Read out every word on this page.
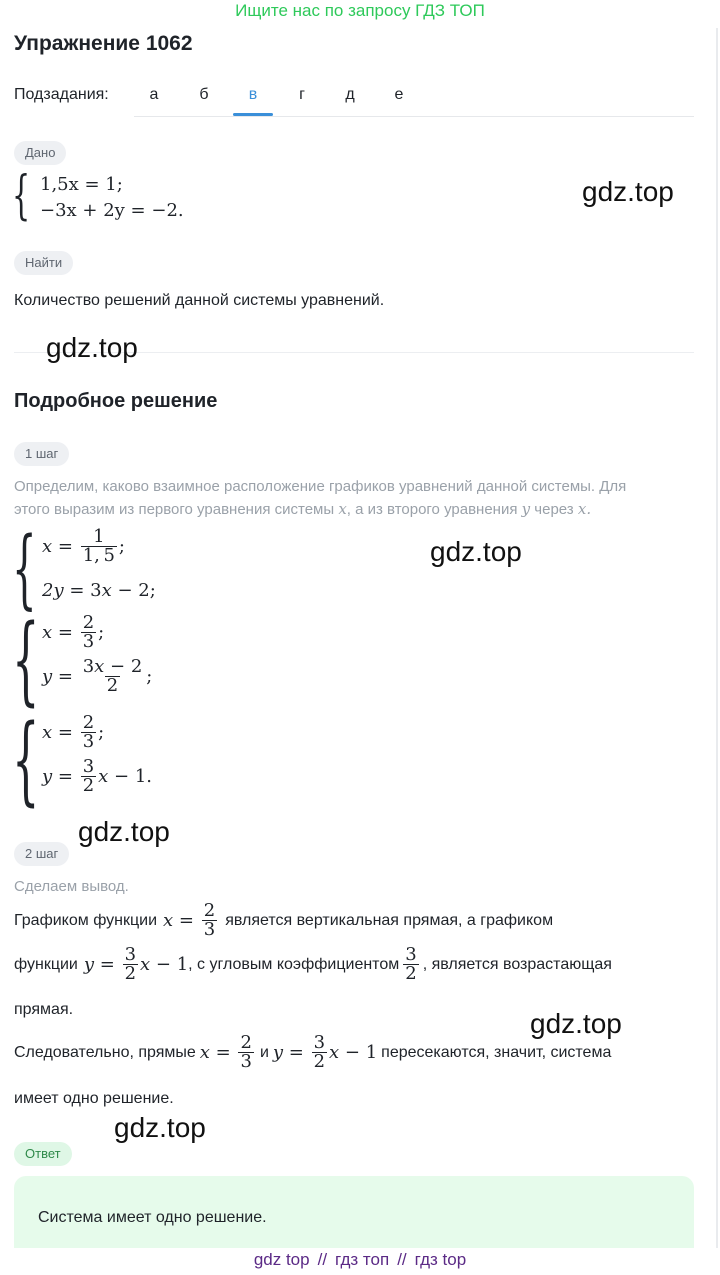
Ищите нас по запросу ГДЗ ТОП
Упражнение 1062
Подзадания:	а	б	в	г	д	е
Дано
{ 1,5x = 1;
−3x + 2y = −2.
Найти
Количество решений данной системы уравнений.
Подробное решение
1 шаг
Определим, каково взаимное расположение графиков уравнений данной системы. Для
этого выразим из первого уравнения системы x, а из второго уравнения y через x.
{ $x = \frac{1}{1, 5}$ ;
2y = 3x − 2;
{ $x = \frac{2}{3}$ ;
$y = \frac{3x - 2}{2}$ ;
{ $x = \frac{2}{3}$ ;
$y = \frac{3}{2}$ x − 1.
2 шаг
Сделаем вывод.
Графиком функции $x = \frac{2}{3}$ является вертикальная прямая, а графиком
функции $y = \frac{3}{2}$ x − 1 , с угловым коэффициентом $\frac{3}{2}$ , является возрастающая
прямая.
Следовательно, прямые $x = \frac{2}{3}$ и $y = \frac{3}{2}$ x − 1 пересекаются, значит, система
имеет одно решение.
Ответ
Система имеет одно решение.
gdz.top
gdz.top
gdz.top
gdz.top
gdz.top
gdz.top
gdz top // гдз топ // гдз top
